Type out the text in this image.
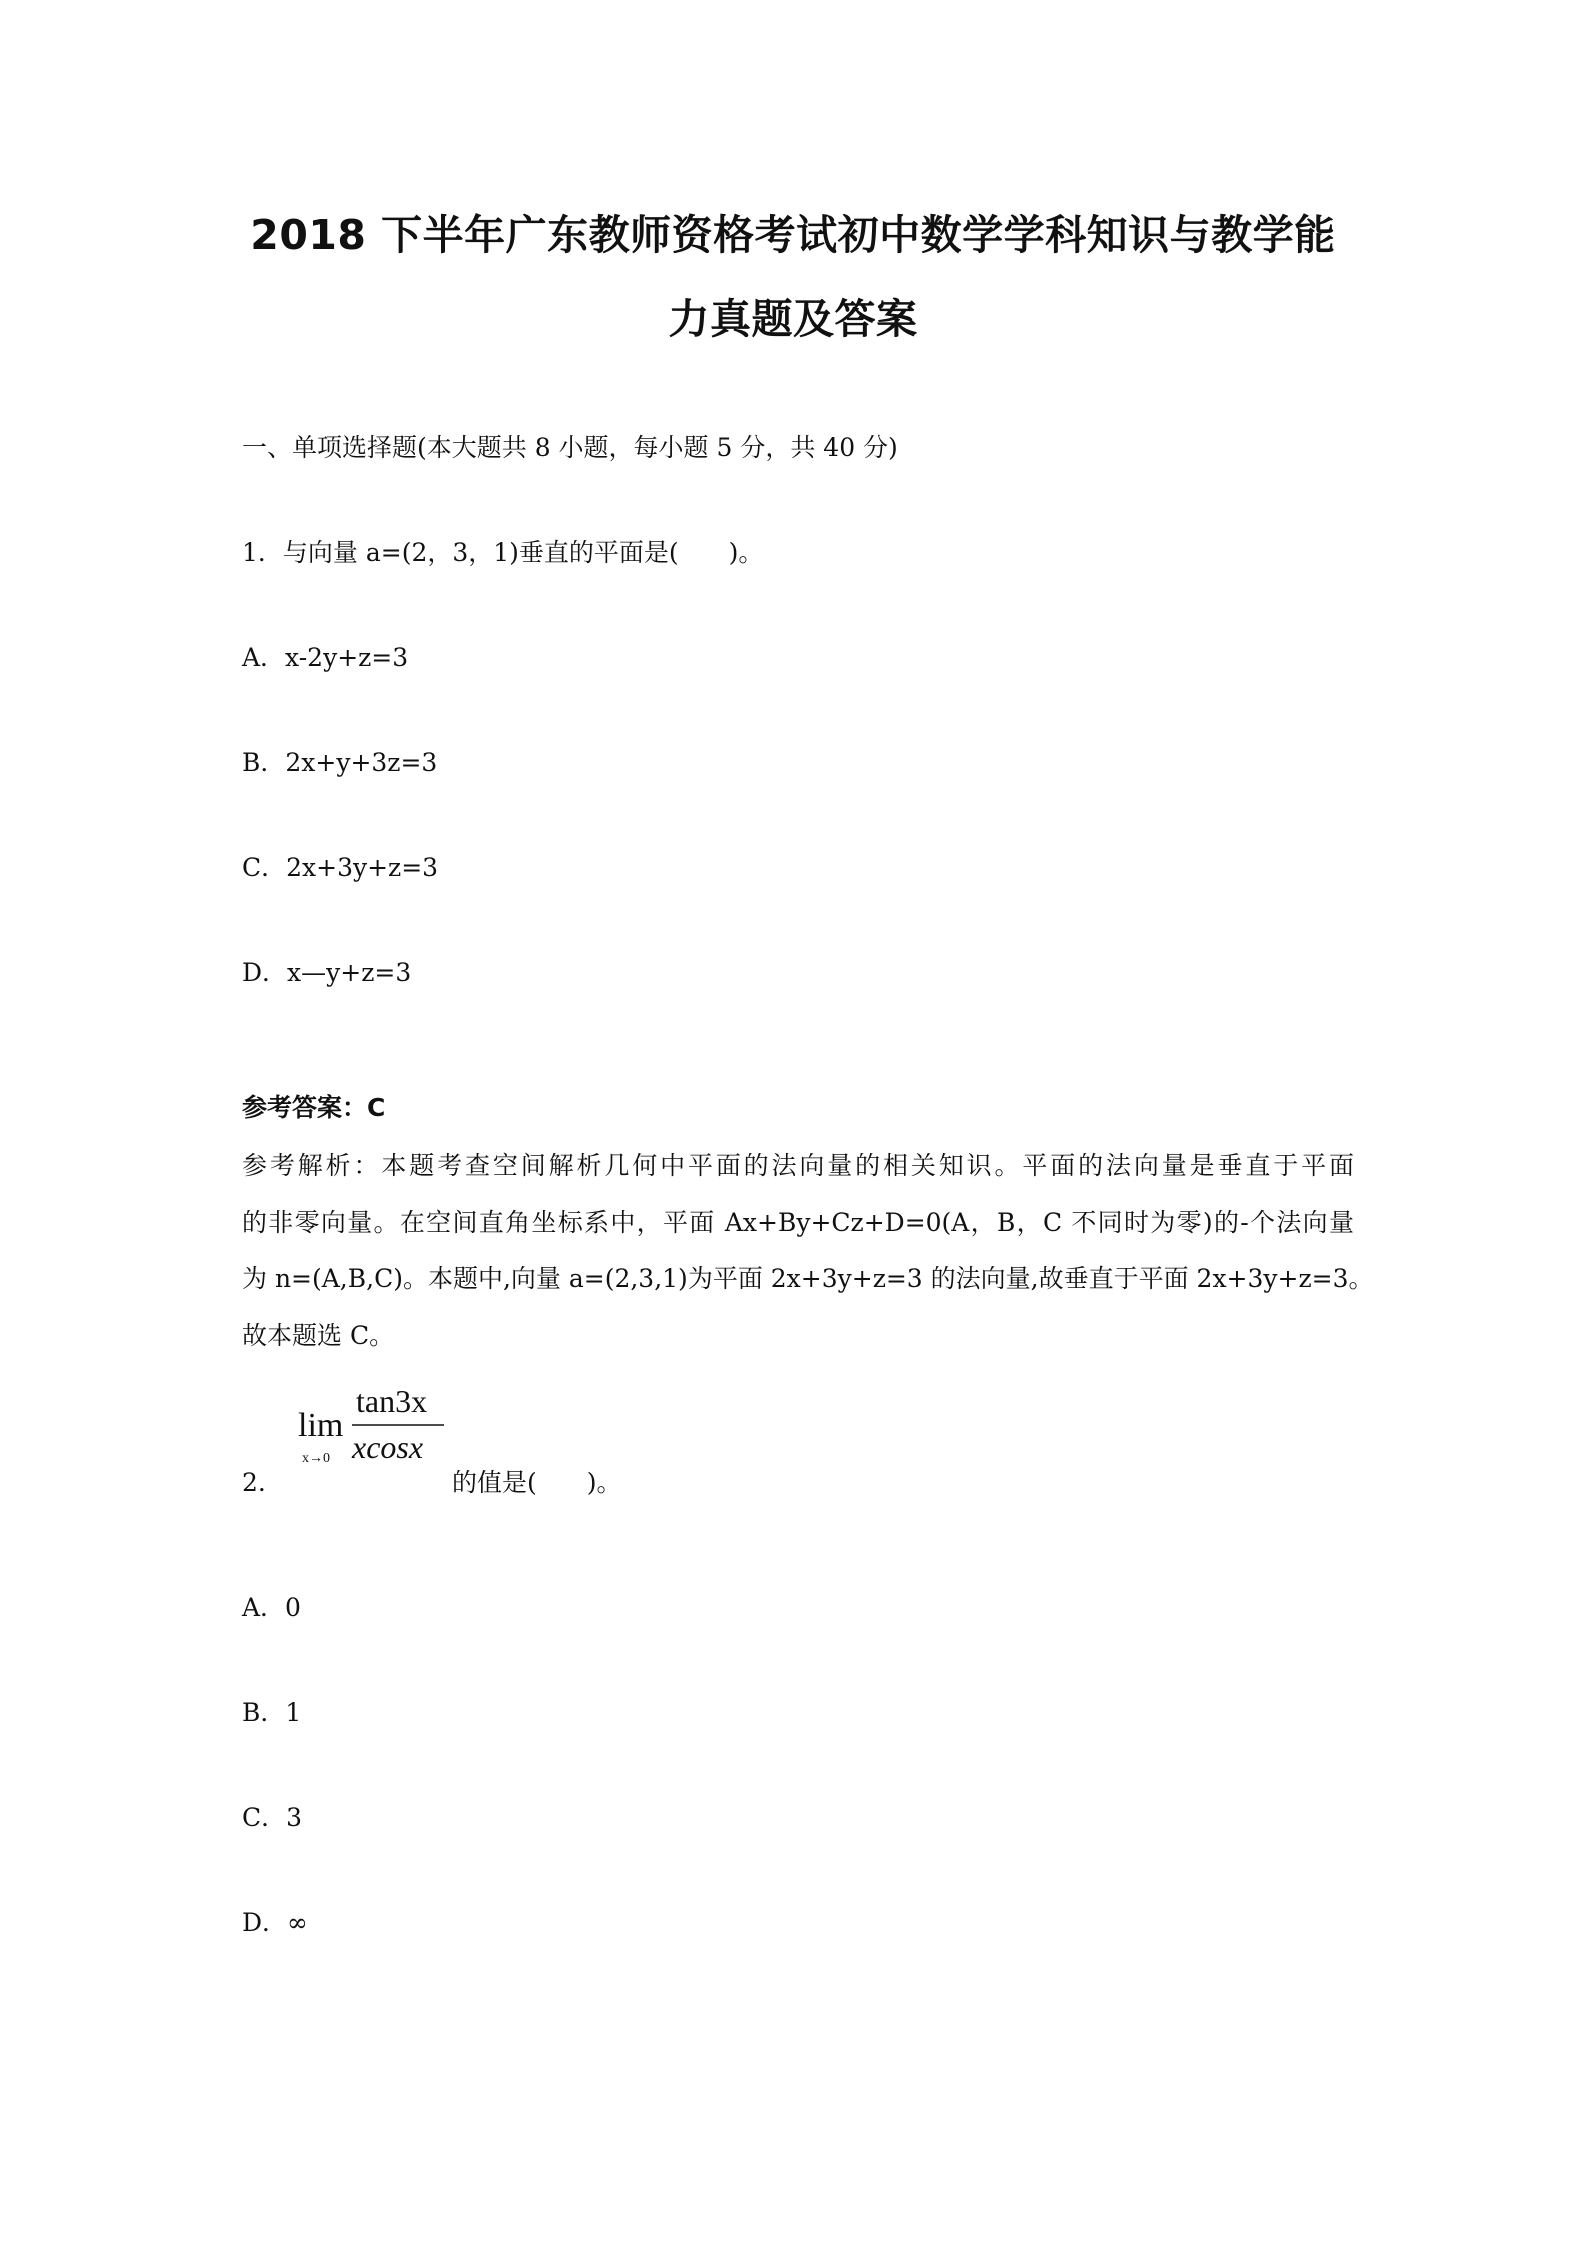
2018 下半年广东教师资格考试初中数学学科知识与教学能
力真题及答案
一、单项选择题(本大题共 8 小题，每小题 5 分，共 40 分)
1．与向量 a=(2，3，1)垂直的平面是(　　)。
A．x-2y+z=3
B．2x+y+3z=3
C．2x+3y+z=3
D．x—y+z=3
参考答案：C
参考解析：本题考查空间解析几何中平面的法向量的相关知识。平面的法向量是垂直于平面
的非零向量。在空间直角坐标系中，平面 Ax+By+Cz+D=0(A，B，C 不同时为零)的-个法向量
为 n=(A,B,C)。本题中,向量 a=(2,3,1)为平面 2x+3y+z=3 的法向量,故垂直于平面 2x+3y+z=3。
故本题选 C。
2.
lim
x→0
tan3x
xcosx
的值是(　　)。
A．0
B．1
C．3
D．∞
